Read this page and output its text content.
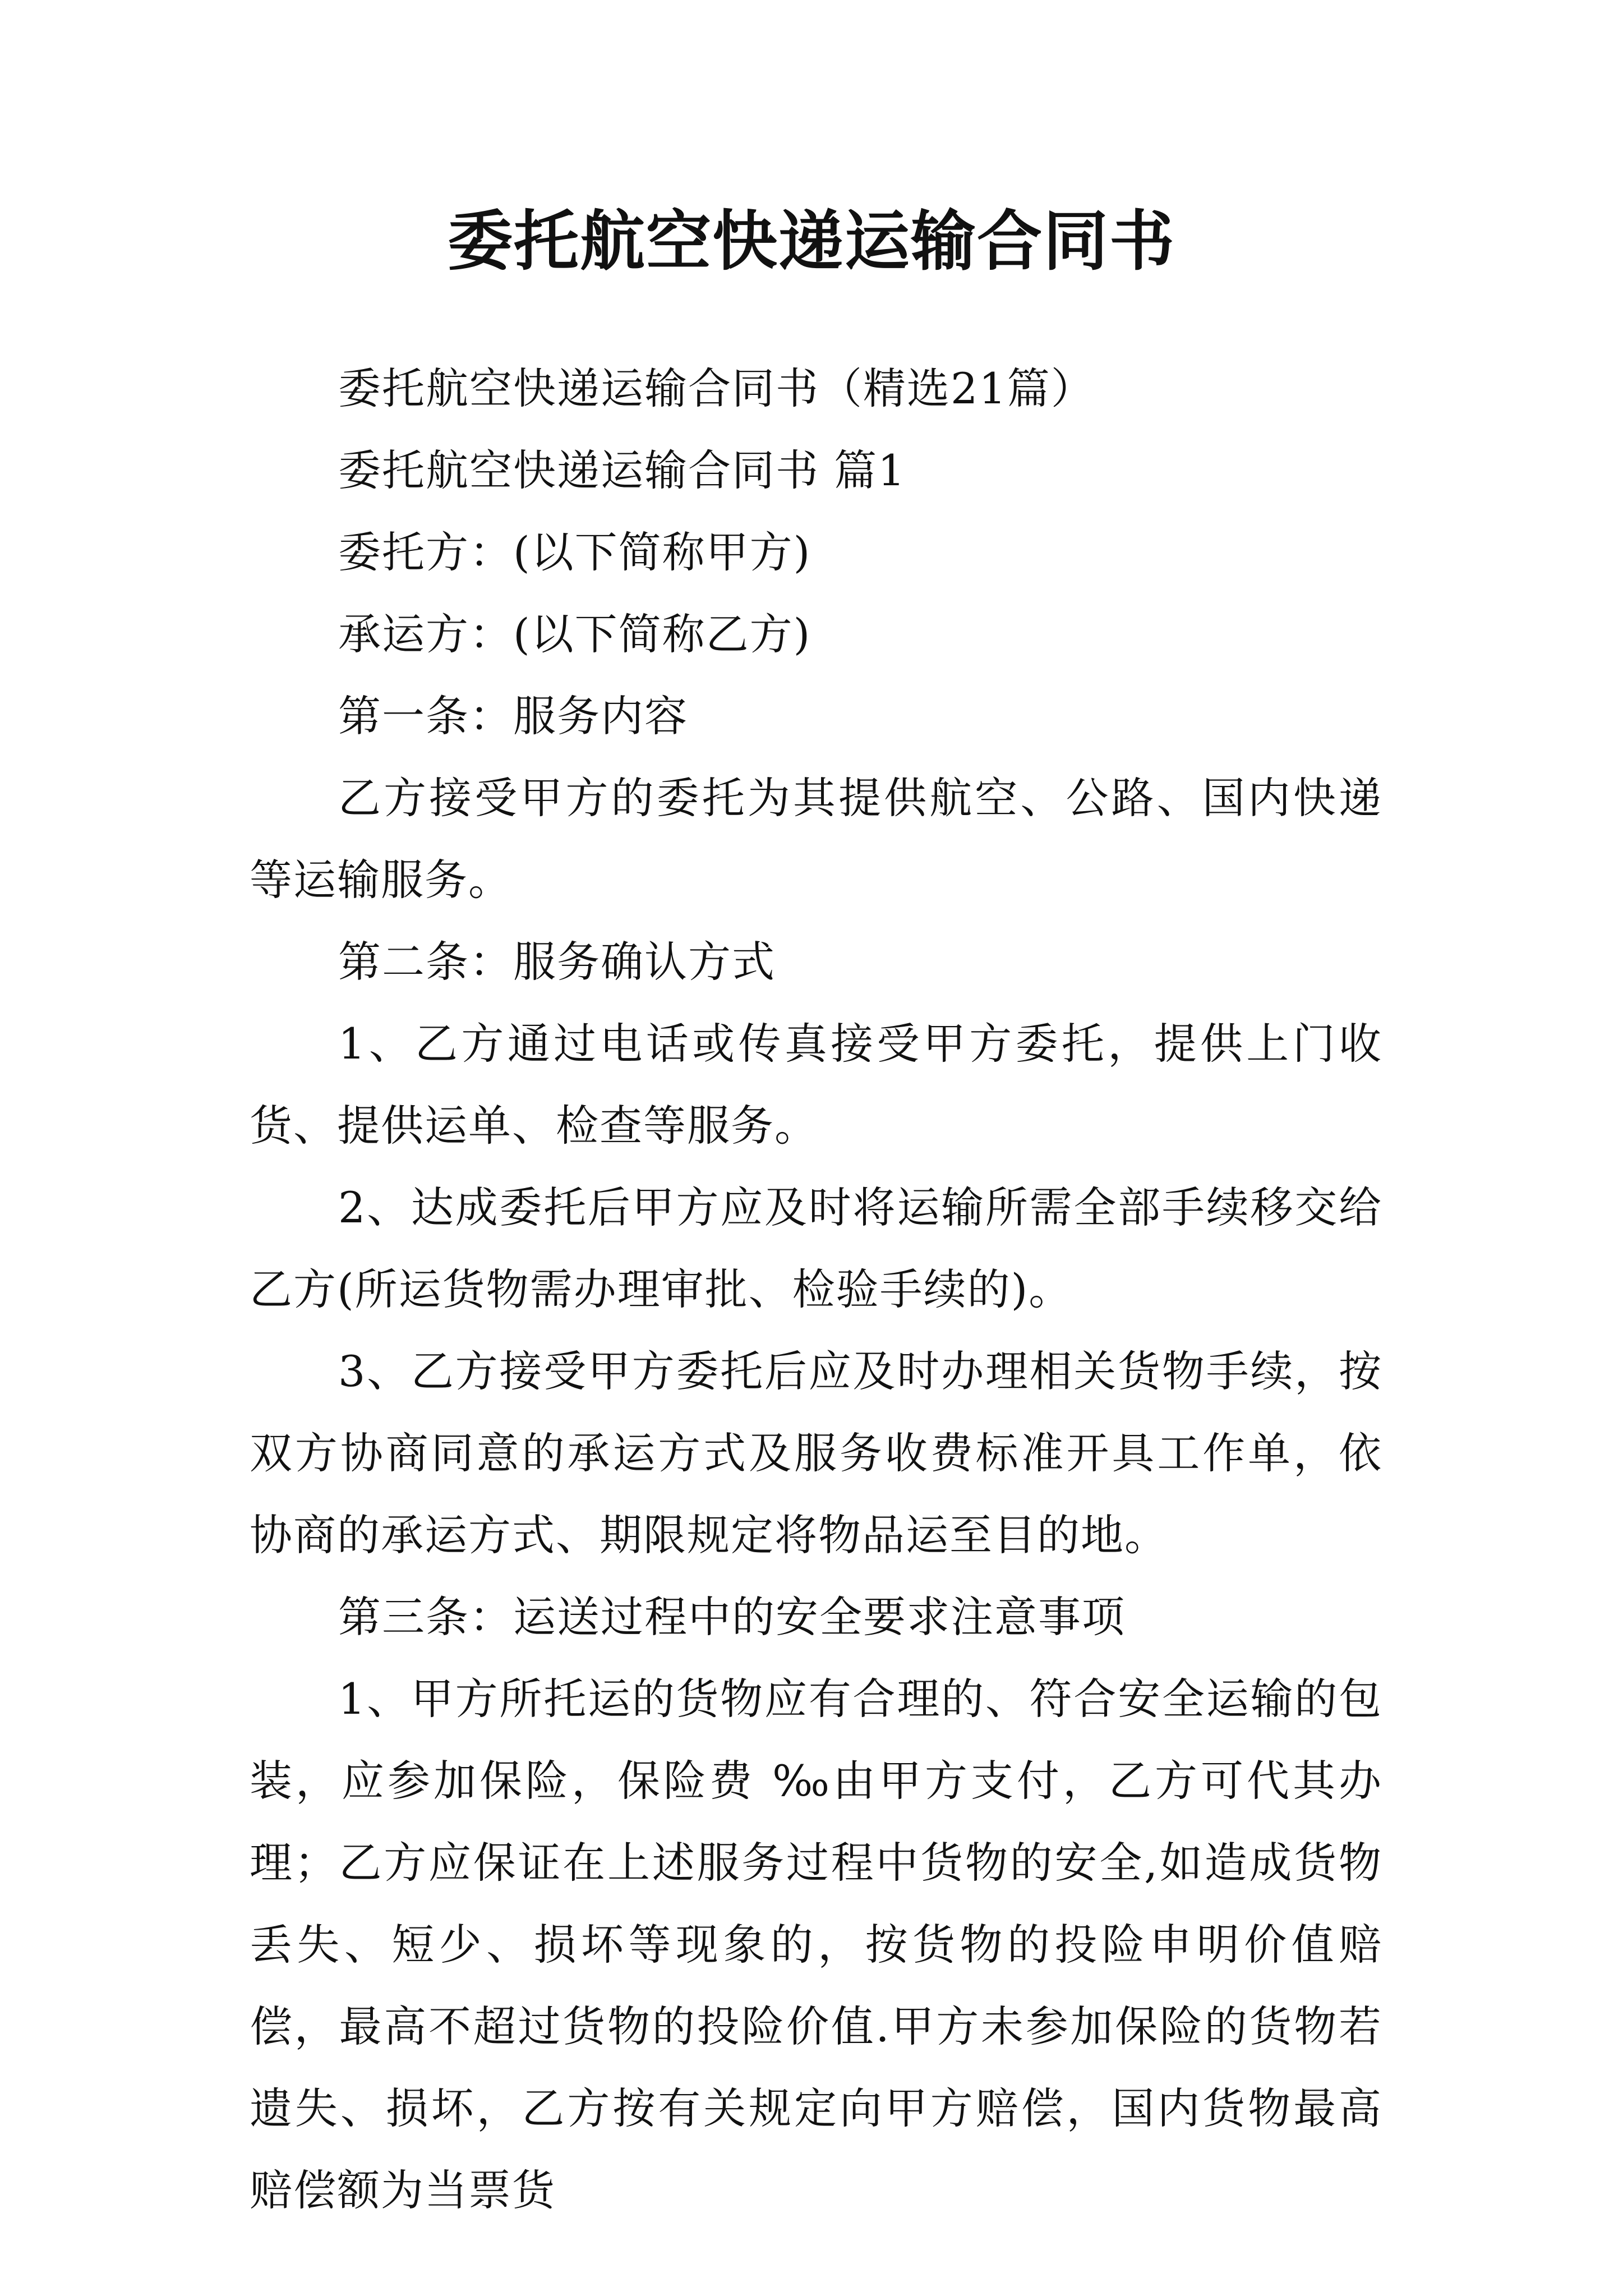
委托航空快递运输合同书

委托航空快递运输合同书（精选21篇）

委托航空快递运输合同书 篇1

委托方：(以下简称甲方)

承运方：(以下简称乙方)

第一条：服务内容

乙方接受甲方的委托为其提供航空、公路、国内快递等运输服务。

第二条：服务确认方式

1、乙方通过电话或传真接受甲方委托，提供上门收货、提供运单、检查等服务。

2、达成委托后甲方应及时将运输所需全部手续移交给乙方(所运货物需办理审批、检验手续的)。

3、乙方接受甲方委托后应及时办理相关货物手续，按双方协商同意的承运方式及服务收费标准开具工作单，依协商的承运方式、期限规定将物品运至目的地。

第三条：运送过程中的安全要求注意事项

1、甲方所托运的货物应有合理的、符合安全运输的包装，应参加保险，保险费 ‰由甲方支付，乙方可代其办理；乙方应保证在上述服务过程中货物的安全,如造成货物丢失、短少、损坏等现象的，按货物的投险申明价值赔偿，最高不超过货物的投险价值.甲方未参加保险的货物若遗失、损坏，乙方按有关规定向甲方赔偿，国内货物最高赔偿额为当票货
